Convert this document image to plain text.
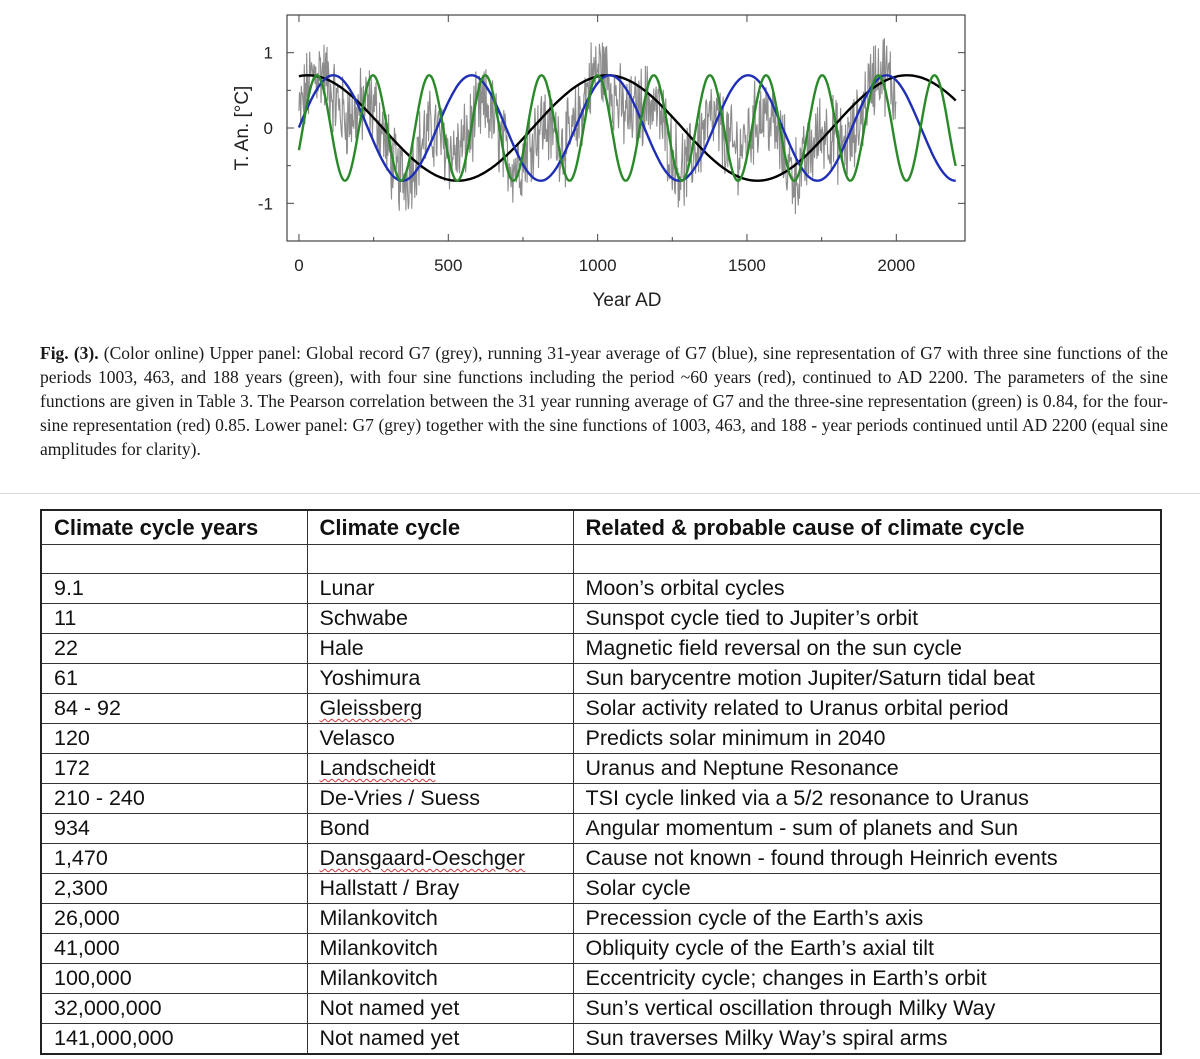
0	500	1000	1500	2000
-1
0
1
T. An. [°C]
Year AD

Fig. (3). (Color online) Upper panel: Global record G7 (grey), running 31-year average of G7 (blue), sine representation of G7 with three sine functions of the periods 1003, 463, and 188 years (green), with four sine functions including the period ~60 years (red), continued to AD 2200. The parameters of the sine functions are given in Table 3. The Pearson correlation between the 31 year running average of G7 and the three-sine representation (green) is 0.84, for the four-sine representation (red) 0.85. Lower panel: G7 (grey) together with the sine functions of 1003, 463, and 188 - year periods continued until AD 2200 (equal sine amplitudes for clarity).

Climate cycle years	Climate cycle	Related & probable cause of climate cycle

9.1	Lunar	Moon’s orbital cycles
11	Schwabe	Sunspot cycle tied to Jupiter’s orbit
22	Hale	Magnetic field reversal on the sun cycle
61	Yoshimura	Sun barycentre motion Jupiter/Saturn tidal beat
84 - 92	Gleissberg	Solar activity related to Uranus orbital period
120	Velasco	Predicts solar minimum in 2040
172	Landscheidt	Uranus and Neptune Resonance
210 - 240	De-Vries / Suess	TSI cycle linked via a 5/2 resonance to Uranus
934	Bond	Angular momentum - sum of planets and Sun
1,470	Dansgaard-Oeschger	Cause not known - found through Heinrich events
2,300	Hallstatt / Bray	Solar cycle
26,000	Milankovitch	Precession cycle of the Earth’s axis
41,000	Milankovitch	Obliquity cycle of the Earth’s axial tilt
100,000	Milankovitch	Eccentricity cycle; changes in Earth’s orbit
32,000,000	Not named yet	Sun’s vertical oscillation through Milky Way
141,000,000	Not named yet	Sun traverses Milky Way’s spiral arms
